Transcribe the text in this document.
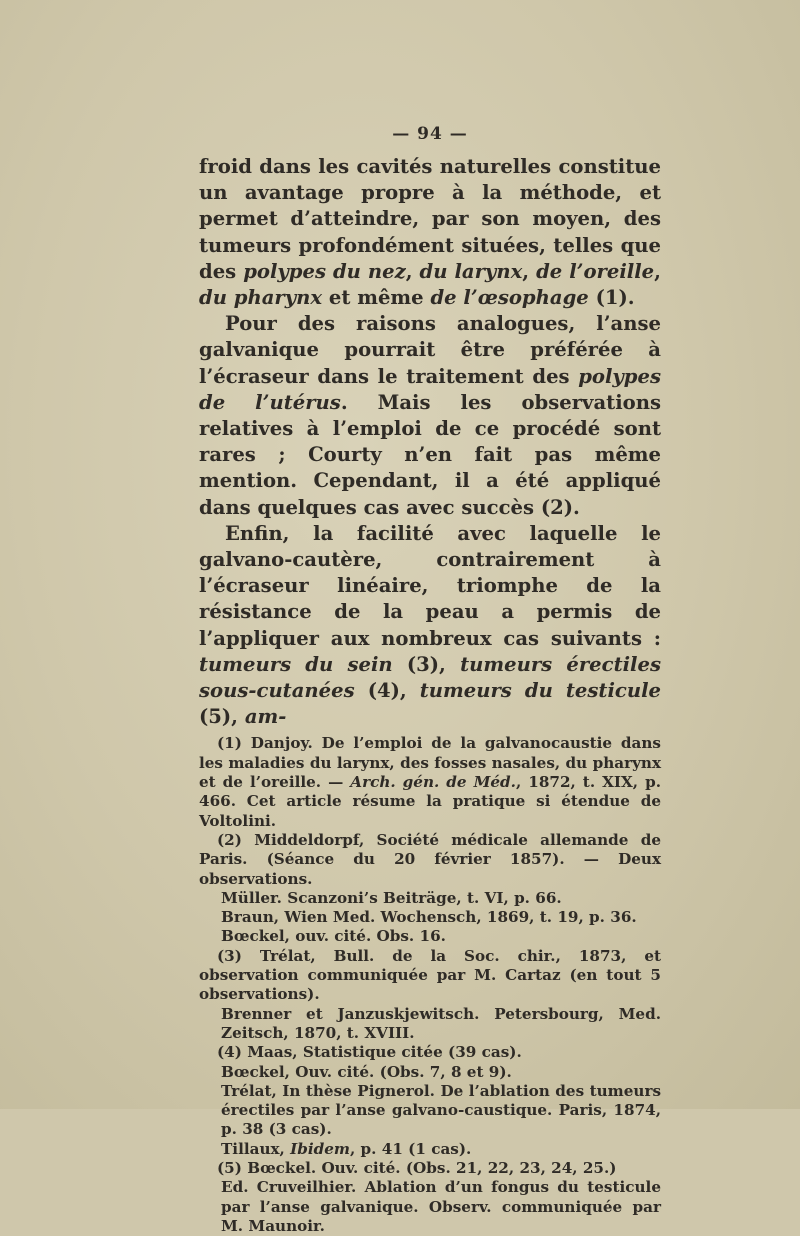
— 94 —

froid dans les cavités naturelles constitue un avantage propre à la méthode, et permet d’atteindre, par son moyen, des tumeurs profondément situées, telles que des polypes du nez, du larynx, de l’oreille, du pharynx et même de l’œsophage (1).

Pour des raisons analogues, l’anse galvanique pourrait être préférée à l’écraseur dans le traitement des polypes de l’utérus. Mais les observations relatives à l’emploi de ce procédé sont rares ; Courty n’en fait pas même mention. Cependant, il a été appliqué dans quelques cas avec succès (2).

Enfin, la facilité avec laquelle le galvano-cautère, contrairement à l’écraseur linéaire, triomphe de la résistance de la peau a permis de l’appliquer aux nombreux cas suivants : tumeurs du sein (3), tumeurs érectiles sous-cutanées (4), tumeurs du testicule (5), am-

(1) Danjoy. De l’emploi de la galvanocaustie dans les maladies du larynx, des fosses nasales, du pharynx et de l’oreille. — Arch. gén. de Méd., 1872, t. XIX, p. 466. Cet article résume la pratique si étendue de Voltolini.

(2) Middeldorpf, Société médicale allemande de Paris. (Séance du 20 février 1857). — Deux observations.

Müller. Scanzoni’s Beiträge, t. VI, p. 66.

Braun, Wien Med. Wochensch, 1869, t. 19, p. 36.

Bœckel, ouv. cité. Obs. 16.

(3) Trélat, Bull. de la Soc. chir., 1873, et observation communiquée par M. Cartaz (en tout 5 observations).

Brenner et Janzuskjewitsch. Petersbourg, Med. Zeitsch, 1870, t. XVIII.

(4) Maas, Statistique citée (39 cas).

Bœckel, Ouv. cité. (Obs. 7, 8 et 9).

Trélat, In thèse Pignerol. De l’ablation des tumeurs érectiles par l’anse galvano-caustique. Paris, 1874, p. 38 (3 cas).

Tillaux, Ibidem, p. 41 (1 cas).

(5) Bœckel. Ouv. cité. (Obs. 21, 22, 23, 24, 25.)

Ed. Cruveilhier. Ablation d’un fongus du testicule par l’anse galvanique. Observ. communiquée par M. Maunoir.
